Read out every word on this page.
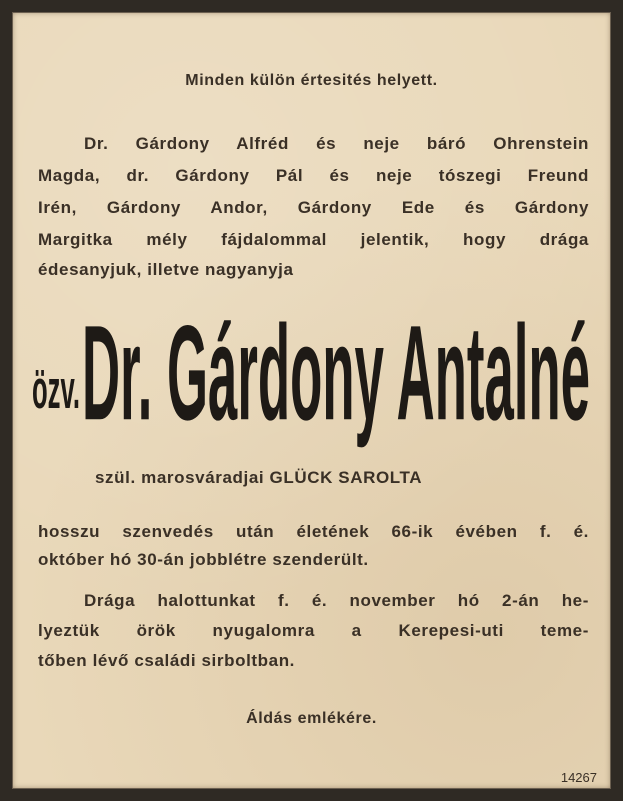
Minden külön értesités helyett.
Dr. Gárdony Alfréd és neje báró Ohrenstein
Magda, dr. Gárdony Pál és neje tószegi Freund
Irén, Gárdony Andor, Gárdony Ede és Gárdony
Margitka mély fájdalommal jelentik, hogy drága
édesanyjuk, illetve nagyanyja
özv. Dr. Gárdony Antalné
szül. marosváradjai GLÜCK SAROLTA
hosszu szenvedés után életének 66-ik évében f. é.
október hó 30-án jobblétre szenderült.
Drága halottunkat f. é. november hó 2-án he-
lyeztük örök nyugalomra a Kerepesi-uti teme-
tőben lévő családi sirboltban.
Áldás emlékére.
14267
